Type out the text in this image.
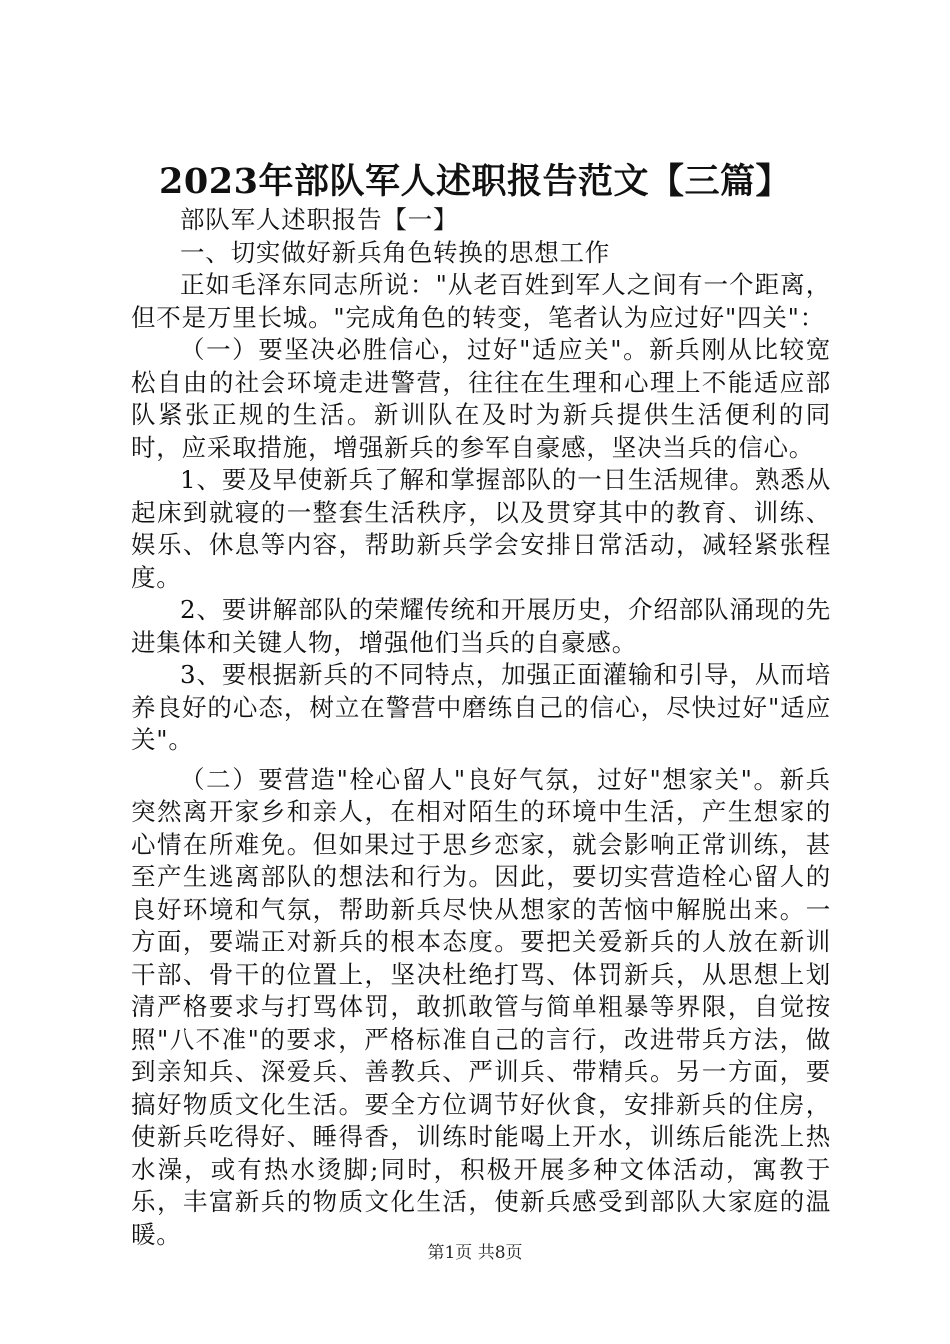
2023年部队军人述职报告范文【三篇】

部队军人述职报告【一】

一、切实做好新兵角色转换的思想工作

正如毛泽东同志所说："从老百姓到军人之间有一个距离，但不是万里长城。"完成角色的转变，笔者认为应过好"四关"：

（一）要坚决必胜信心，过好"适应关"。新兵刚从比较宽松自由的社会环境走进警营，往往在生理和心理上不能适应部队紧张正规的生活。新训队在及时为新兵提供生活便利的同时，应采取措施，增强新兵的参军自豪感，坚决当兵的信心。

1、要及早使新兵了解和掌握部队的一日生活规律。熟悉从起床到就寝的一整套生活秩序，以及贯穿其中的教育、训练、娱乐、休息等内容，帮助新兵学会安排日常活动，减轻紧张程度。

2、要讲解部队的荣耀传统和开展历史，介绍部队涌现的先进集体和关键人物，增强他们当兵的自豪感。

3、要根据新兵的不同特点，加强正面灌输和引导，从而培养良好的心态，树立在警营中磨练自己的信心，尽快过好"适应关"。

（二）要营造"栓心留人"良好气氛，过好"想家关"。新兵突然离开家乡和亲人，在相对陌生的环境中生活，产生想家的心情在所难免。但如果过于思乡恋家，就会影响正常训练，甚至产生逃离部队的想法和行为。因此，要切实营造栓心留人的良好环境和气氛，帮助新兵尽快从想家的苦恼中解脱出来。一方面，要端正对新兵的根本态度。要把关爱新兵的人放在新训干部、骨干的位置上，坚决杜绝打骂、体罚新兵，从思想上划清严格要求与打骂体罚，敢抓敢管与简单粗暴等界限，自觉按照"八不准"的要求，严格标准自己的言行，改进带兵方法，做到亲知兵、深爱兵、善教兵、严训兵、带精兵。另一方面，要搞好物质文化生活。要全方位调节好伙食，安排新兵的住房，使新兵吃得好、睡得香，训练时能喝上开水，训练后能洗上热水澡，或有热水烫脚;同时，积极开展多种文体活动，寓教于乐，丰富新兵的物质文化生活，使新兵感受到部队大家庭的温暖。

第1页 共8页
